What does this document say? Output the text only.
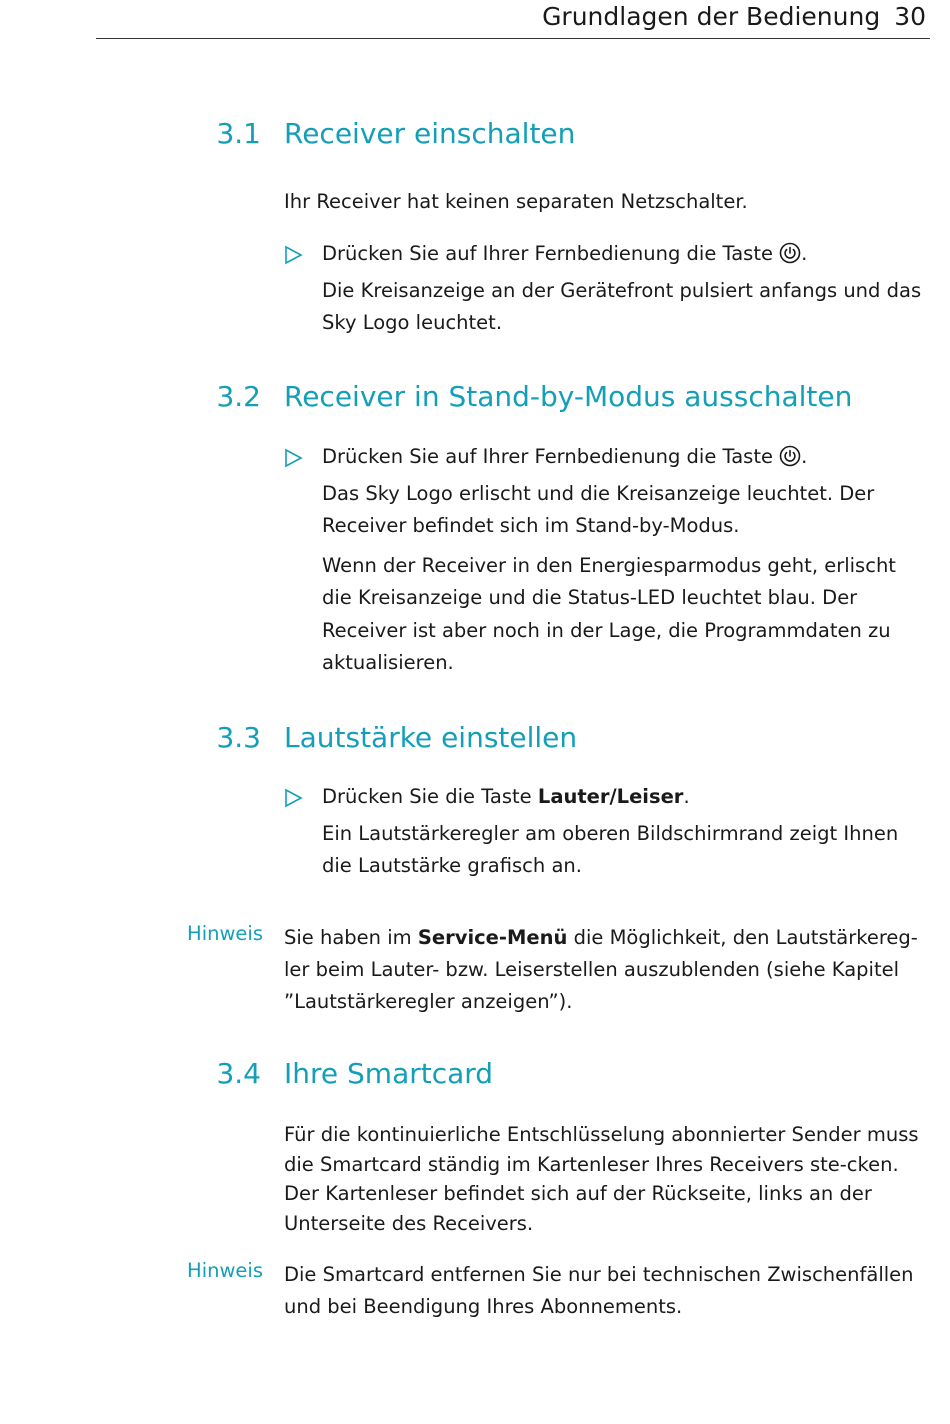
Grundlagen der Bedienung 30
3.1 Receiver einschalten
Ihr Receiver hat keinen separaten Netzschalter.
Drücken Sie auf Ihrer Fernbedienung die Taste .
Die Kreisanzeige an der Gerätefront pulsiert anfangs und das Sky Logo leuchtet.
3.2 Receiver in Stand-by-Modus ausschalten
Drücken Sie auf Ihrer Fernbedienung die Taste .
Das Sky Logo erlischt und die Kreisanzeige leuchtet. Der Receiver befindet sich im Stand-by-Modus.
Wenn der Receiver in den Energiesparmodus geht, erlischt die Kreisanzeige und die Status-LED leuchtet blau. Der Receiver ist aber noch in der Lage, die Programmdaten zu aktualisieren.
3.3 Lautstärke einstellen
Drücken Sie die Taste Lauter/Leiser.
Ein Lautstärkeregler am oberen Bildschirmrand zeigt Ihnen die Lautstärke grafisch an.
Hinweis Sie haben im Service-Menü die Möglichkeit, den Lautstärkereg-ler beim Lauter- bzw. Leiserstellen auszublenden (siehe Kapitel ”Lautstärkeregler anzeigen”).
3.4 Ihre Smartcard
Für die kontinuierliche Entschlüsselung abonnierter Sender muss die Smartcard ständig im Kartenleser Ihres Receivers ste-cken. Der Kartenleser befindet sich auf der Rückseite, links an der Unterseite des Receivers.
Hinweis Die Smartcard entfernen Sie nur bei technischen Zwischenfällen und bei Beendigung Ihres Abonnements.
